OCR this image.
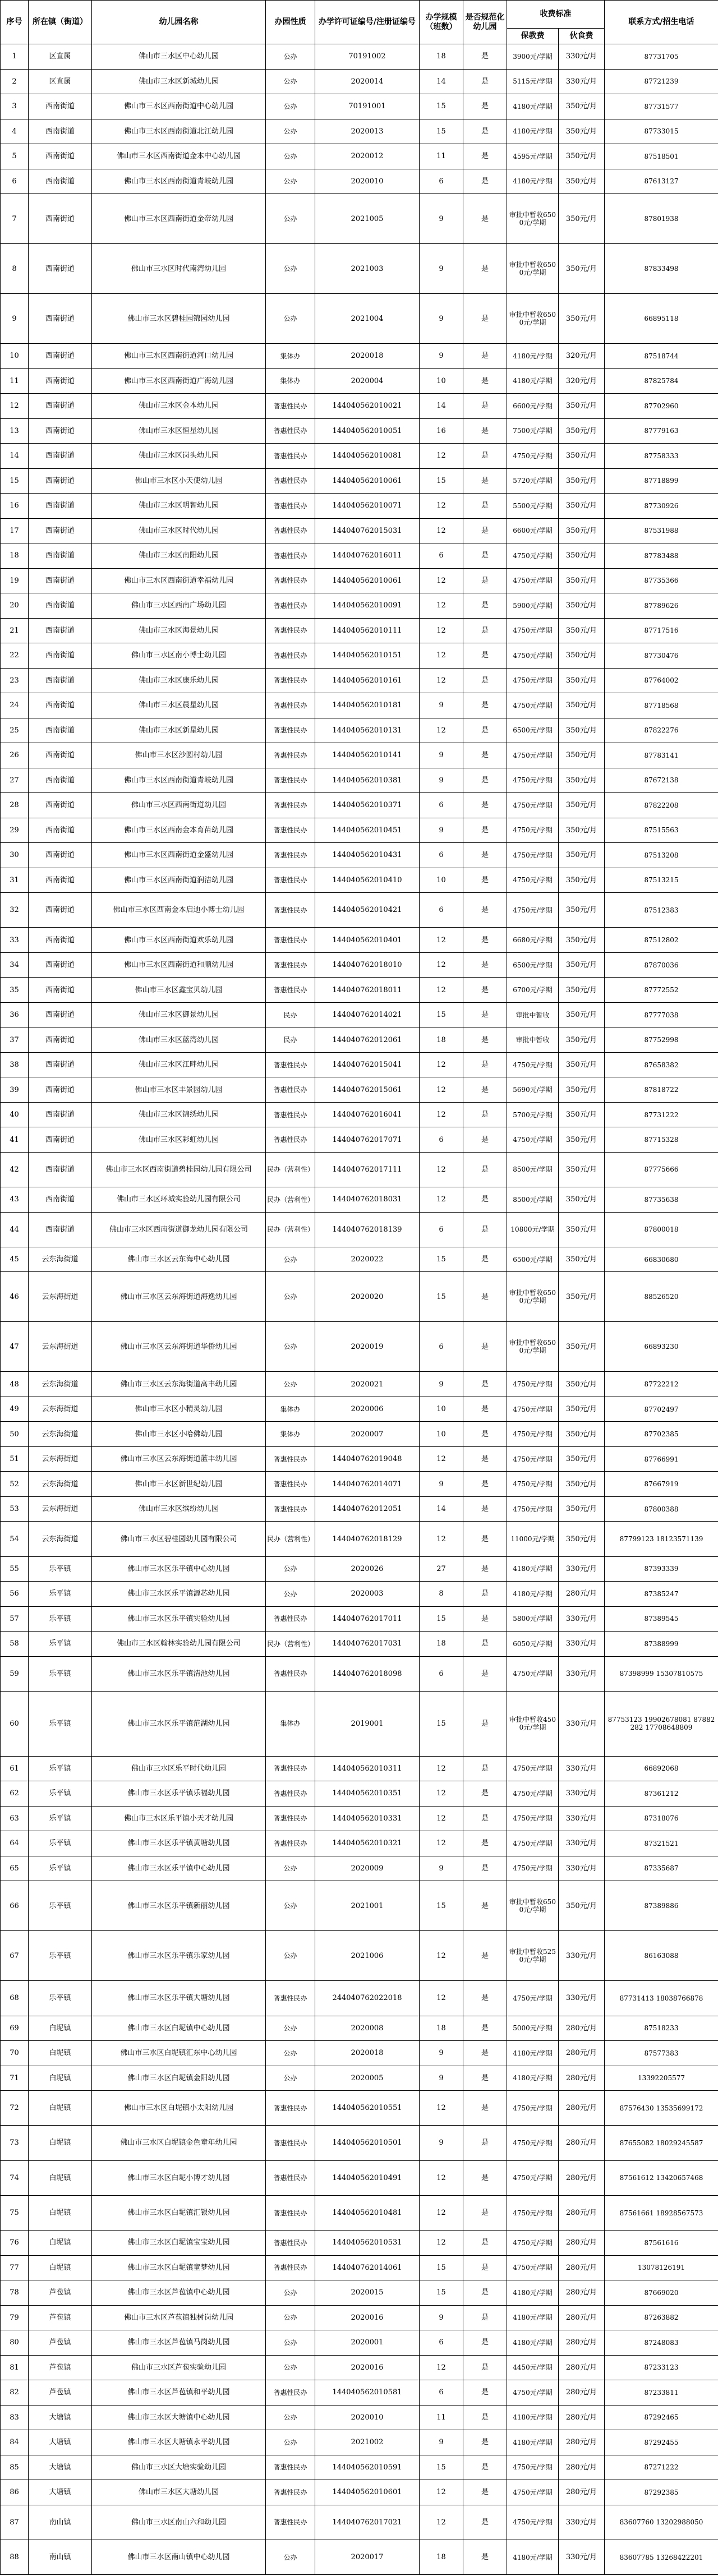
序号	所在镇（街道）	幼儿园名称	办园性质	办学许可证编号/注册证编号	办学规模（班数）	是否规范化幼儿园	收费标准		联系方式/招生电话
							保教费	伙食费	
1	区直属	佛山市三水区中心幼儿园	公办	70191002	18	是	3900元/学期	330元/月	87731705
2	区直属	佛山市三水区新城幼儿园	公办	2020014	14	是	5115元/学期	330元/月	87721239
3	西南街道	佛山市三水区西南街道中心幼儿园	公办	70191001	15	是	4180元/学期	350元/月	87731577
4	西南街道	佛山市三水区西南街道北江幼儿园	公办	2020013	15	是	4180元/学期	350元/月	87733015
5	西南街道	佛山市三水区西南街道金本中心幼儿园	公办	2020012	11	是	4595元/学期	350元/月	87518501
6	西南街道	佛山市三水区西南街道青岐幼儿园	公办	2020010	6	是	4180元/学期	350元/月	87613127
7	西南街道	佛山市三水区西南街道金帝幼儿园	公办	2021005	9	是	审批中暂收6500元/学期	350元/月	87801938
8	西南街道	佛山市三水区时代南湾幼儿园	公办	2021003	9	是	审批中暂收6500元/学期	350元/月	87833498
9	西南街道	佛山市三水区碧桂园锦园幼儿园	公办	2021004	9	是	审批中暂收6500元/学期	350元/月	66895118
10	西南街道	佛山市三水区西南街道河口幼儿园	集体办	2020018	9	是	4180元/学期	320元/月	87518744
11	西南街道	佛山市三水区西南街道广海幼儿园	集体办	2020004	10	是	4180元/学期	320元/月	87825784
12	西南街道	佛山市三水区金本幼儿园	普惠性民办	144040562010021	14	是	6600元/学期	350元/月	87702960
13	西南街道	佛山市三水区恒星幼儿园	普惠性民办	144040562010051	16	是	7500元/学期	350元/月	87779163
14	西南街道	佛山市三水区岗头幼儿园	普惠性民办	144040562010081	12	是	4750元/学期	350元/月	87758333
15	西南街道	佛山市三水区小天使幼儿园	普惠性民办	144040562010061	15	是	5720元/学期	350元/月	87718899
16	西南街道	佛山市三水区明智幼儿园	普惠性民办	144040562010071	12	是	5500元/学期	350元/月	87730926
17	西南街道	佛山市三水区时代幼儿园	普惠性民办	144040762015031	12	是	6600元/学期	350元/月	87531988
18	西南街道	佛山市三水区南阳幼儿园	普惠性民办	144040762016011	6	是	4750元/学期	350元/月	87783488
19	西南街道	佛山市三水区西南街道幸福幼儿园	普惠性民办	144040562010061	12	是	4750元/学期	350元/月	87735366
20	西南街道	佛山市三水区西南广场幼儿园	普惠性民办	144040562010091	12	是	5900元/学期	350元/月	87789626
21	西南街道	佛山市三水区海景幼儿园	普惠性民办	144040562010111	12	是	4750元/学期	350元/月	87717516
22	西南街道	佛山市三水区南小博士幼儿园	普惠性民办	144040562010151	12	是	4750元/学期	350元/月	87730476
23	西南街道	佛山市三水区康乐幼儿园	普惠性民办	144040562010161	12	是	4750元/学期	350元/月	87764002
24	西南街道	佛山市三水区晨星幼儿园	普惠性民办	144040562010181	9	是	4750元/学期	350元/月	87718568
25	西南街道	佛山市三水区新星幼儿园	普惠性民办	144040562010131	12	是	6500元/学期	350元/月	87822276
26	西南街道	佛山市三水区沙圆村幼儿园	普惠性民办	144040562010141	9	是	4750元/学期	350元/月	87783141
27	西南街道	佛山市三水区西南街道青岐幼儿园	普惠性民办	144040562010381	9	是	4750元/学期	350元/月	87672138
28	西南街道	佛山市三水区西南街道幼儿园	普惠性民办	144040562010371	6	是	4750元/学期	350元/月	87822208
29	西南街道	佛山市三水区西南金本育苗幼儿园	普惠性民办	144040562010451	9	是	4750元/学期	350元/月	87515563
30	西南街道	佛山市三水区西南街道金盛幼儿园	普惠性民办	144040562010431	6	是	4750元/学期	350元/月	87513208
31	西南街道	佛山市三水区西南街道润洁幼儿园	普惠性民办	144040562010410	10	是	4750元/学期	350元/月	87513215
32	西南街道	佛山市三水区西南金本启迪小博士幼儿园	普惠性民办	144040562010421	6	是	4750元/学期	350元/月	87512383
33	西南街道	佛山市三水区西南街道欢乐幼儿园	普惠性民办	144040562010401	12	是	6680元/学期	350元/月	87512802
34	西南街道	佛山市三水区西南街道和顺幼儿园	普惠性民办	144040762018010	12	是	6500元/学期	350元/月	87870036
35	西南街道	佛山市三水区鑫宝贝幼儿园	普惠性民办	144040762018011	12	是	6700元/学期	350元/月	87772552
36	西南街道	佛山市三水区御景幼儿园	民办	144040762014021	15	是	审批中暂收	350元/月	87777038
37	西南街道	佛山市三水区蓝湾幼儿园	民办	144040762012061	18	是	审批中暂收	350元/月	87752998
38	西南街道	佛山市三水区江畔幼儿园	普惠性民办	144040762015041	12	是	4750元/学期	350元/月	87658382
39	西南街道	佛山市三水区丰景园幼儿园	普惠性民办	144040762015061	12	是	5690元/学期	350元/月	87818722
40	西南街道	佛山市三水区锦绣幼儿园	普惠性民办	144040762016041	12	是	5700元/学期	350元/月	87731222
41	西南街道	佛山市三水区彩虹幼儿园	普惠性民办	144040762017071	6	是	4750元/学期	350元/月	87715328
42	西南街道	佛山市三水区西南街道碧桂园幼儿园有限公司	民办（营利性）	144040762017111	12	是	8500元/学期	350元/月	87775666
43	西南街道	佛山市三水区环城实验幼儿园有限公司	民办（营利性）	144040762018031	12	是	8500元/学期	350元/月	87735638
44	西南街道	佛山市三水区西南街道御龙幼儿园有限公司	民办（营利性）	144040762018139	6	是	10800元/学期	350元/月	87800018
45	云东海街道	佛山市三水区云东海中心幼儿园	公办	2020022	15	是	6500元/学期	350元/月	66830680
46	云东海街道	佛山市三水区云东海街道海逸幼儿园	公办	2020020	15	是	审批中暂收6500元/学期	350元/月	88526520
47	云东海街道	佛山市三水区云东海街道华侨幼儿园	公办	2020019	6	是	审批中暂收6500元/学期	350元/月	66893230
48	云东海街道	佛山市三水区云东海街道高丰幼儿园	公办	2020021	9	是	4750元/学期	350元/月	87722212
49	云东海街道	佛山市三水区小精灵幼儿园	集体办	2020006	10	是	4750元/学期	350元/月	87702497
50	云东海街道	佛山市三水区小哈佛幼儿园	集体办	2020007	10	是	4750元/学期	350元/月	87702385
51	云东海街道	佛山市三水区云东海街道蓝丰幼儿园	普惠性民办	144040762019048	12	是	4750元/学期	350元/月	87766991
52	云东海街道	佛山市三水区新世纪幼儿园	普惠性民办	144040762014071	9	是	4750元/学期	350元/月	87667919
53	云东海街道	佛山市三水区缤纷幼儿园	普惠性民办	144040762012051	14	是	4750元/学期	350元/月	87800388
54	云东海街道	佛山市三水区碧桂园幼儿园有限公司	民办（营利性）	144040762018129	12	是	11000元/学期	350元/月	87799123 18123571139
55	乐平镇	佛山市三水区乐平镇中心幼儿园	公办	2020026	27	是	4180元/学期	330元/月	87393339
56	乐平镇	佛山市三水区乐平镇源芯幼儿园	公办	2020003	8	是	4180元/学期	280元/月	87385247
57	乐平镇	佛山市三水区乐平镇实验幼儿园	普惠性民办	144040762017011	15	是	5800元/学期	330元/月	87389545
58	乐平镇	佛山市三水区翰林实验幼儿园有限公司	民办（营利性）	144040762017031	18	是	6050元/学期	330元/月	87388999
59	乐平镇	佛山市三水区乐平镇清池幼儿园	普惠性民办	144040762018098	6	是	4750元/学期	330元/月	87398999 15307810575
60	乐平镇	佛山市三水区乐平镇范湖幼儿园	集体办	2019001	15	是	审批中暂收4500元/学期	330元/月	87753123 19902678081 87882282 17708648809
61	乐平镇	佛山市三水区乐平时代幼儿园	普惠性民办	144040562010311	12	是	4750元/学期	330元/月	66892068
62	乐平镇	佛山市三水区乐平镇乐福幼儿园	普惠性民办	144040562010351	12	是	4750元/学期	330元/月	87361212
63	乐平镇	佛山市三水区乐平镇小天才幼儿园	普惠性民办	144040562010331	12	是	4750元/学期	330元/月	87318076
64	乐平镇	佛山市三水区乐平镇黄塘幼儿园	普惠性民办	144040562010321	12	是	4750元/学期	330元/月	87321521
65	乐平镇	佛山市三水区乐平镇中心幼儿园	公办	2020009	9	是	4750元/学期	330元/月	87335687
66	乐平镇	佛山市三水区乐平镇新丽幼儿园	公办	2021001	15	是	审批中暂收6500元/学期	350元/月	87389886
67	乐平镇	佛山市三水区乐平镇乐家幼儿园	公办	2021006	12	是	审批中暂收5250元/学期	330元/月	86163088
68	乐平镇	佛山市三水区乐平镇大塘幼儿园	普惠性民办	244040762022018	12	是	4750元/学期	330元/月	87731413 18038766878
69	白坭镇	佛山市三水区白坭镇中心幼儿园	公办	2020008	18	是	5000元/学期	280元/月	87518233
70	白坭镇	佛山市三水区白坭镇汇东中心幼儿园	公办	2020018	9	是	4180元/学期	280元/月	87577383
71	白坭镇	佛山市三水区白坭镇金阳幼儿园	公办	2020005	9	是	4180元/学期	280元/月	13392205577
72	白坭镇	佛山市三水区白坭镇小太阳幼儿园	普惠性民办	144040562010551	12	是	4750元/学期	280元/月	87576430 13535699172
73	白坭镇	佛山市三水区白坭镇金色童年幼儿园	普惠性民办	144040562010501	9	是	4750元/学期	280元/月	87655082 18029245587
74	白坭镇	佛山市三水区白坭小博才幼儿园	普惠性民办	144040562010491	12	是	4750元/学期	280元/月	87561612 13420657468
75	白坭镇	佛山市三水区白坭镇汇银幼儿园	普惠性民办	144040562010481	12	是	4750元/学期	280元/月	87561661 18928567573
76	白坭镇	佛山市三水区白坭镇宝宝幼儿园	普惠性民办	144040562010531	12	是	4750元/学期	280元/月	87561616
77	白坭镇	佛山市三水区白坭镇童梦幼儿园	普惠性民办	144040762014061	15	是	4750元/学期	280元/月	13078126191
78	芦苞镇	佛山市三水区芦苞镇中心幼儿园	公办	2020015	15	是	4180元/学期	280元/月	87669020
79	芦苞镇	佛山市三水区芦苞镇独树岗幼儿园	公办	2020016	9	是	4180元/学期	280元/月	87263882
80	芦苞镇	佛山市三水区芦苞镇马岗幼儿园	公办	2020001	6	是	4180元/学期	280元/月	87248083
81	芦苞镇	佛山市三水区芦苞实验幼儿园	公办	2020016	12	是	4450元/学期	280元/月	87233123
82	芦苞镇	佛山市三水区芦苞镇和平幼儿园	普惠性民办	144040562010581	6	是	4750元/学期	280元/月	87233811
83	大塘镇	佛山市三水区大塘镇中心幼儿园	公办	2020010	11	是	4180元/学期	280元/月	87292465
84	大塘镇	佛山市三水区大塘镇永平幼儿园	公办	2021002	9	是	4180元/学期	280元/月	87292455
85	大塘镇	佛山市三水区大塘实验幼儿园	普惠性民办	144040562010591	15	是	4750元/学期	280元/月	87271222
86	大塘镇	佛山市三水区大塘幼儿园	普惠性民办	144040562010601	12	是	4750元/学期	280元/月	87292385
87	南山镇	佛山市三水区南山六和幼儿园	普惠性民办	144040762017021	12	是	4750元/学期	330元/月	83607760 13202988050
88	南山镇	佛山市三水区南山镇中心幼儿园	公办	2020017	18	是	4180元/学期	330元/月	83607785 13268422201
